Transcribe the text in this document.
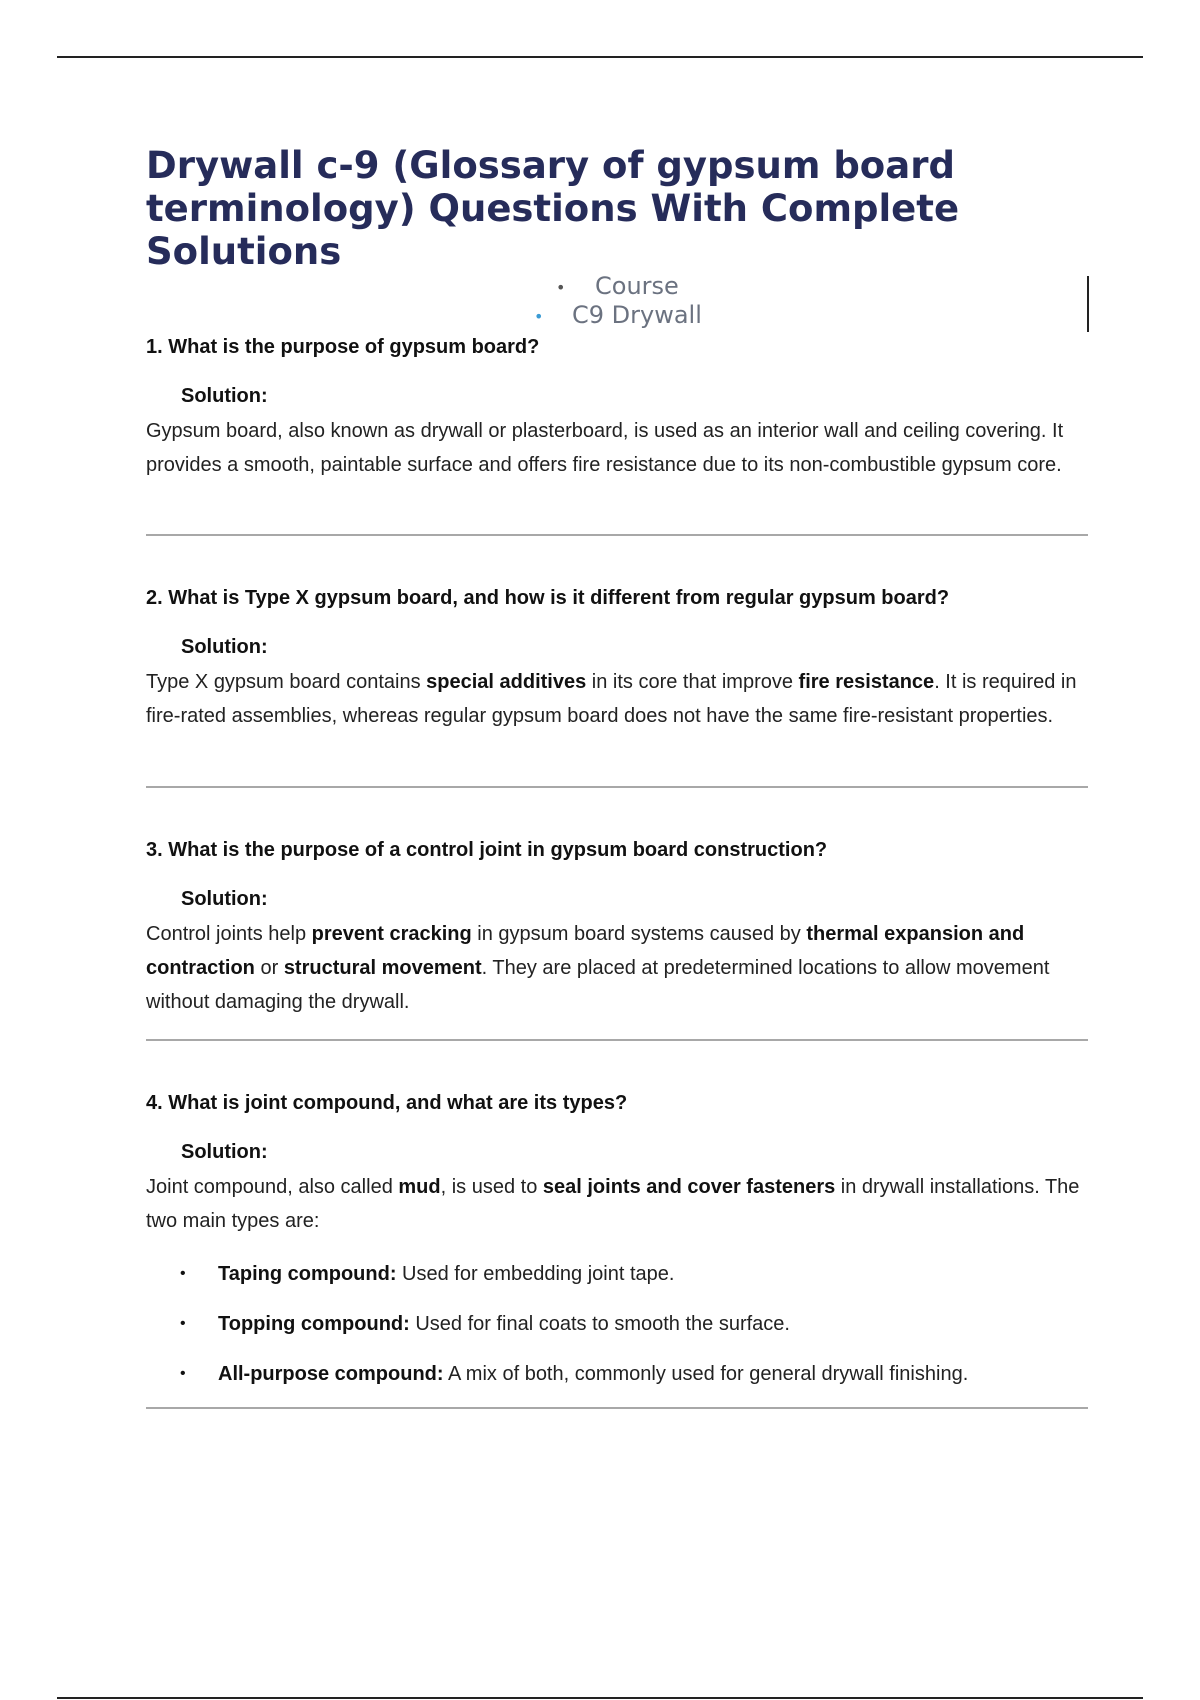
Drywall c-9 (Glossary of gypsum board terminology) Questions With Complete Solutions
• Course
• C9 Drywall

1. What is the purpose of gypsum board?

Solution:

Gypsum board, also known as drywall or plasterboard, is used as an interior wall and ceiling covering. It provides a smooth, paintable surface and offers fire resistance due to its non-combustible gypsum core.

2. What is Type X gypsum board, and how is it different from regular gypsum board?

Solution:

Type X gypsum board contains special additives in its core that improve fire resistance. It is required in fire-rated assemblies, whereas regular gypsum board does not have the same fire-resistant properties.

3. What is the purpose of a control joint in gypsum board construction?

Solution:

Control joints help prevent cracking in gypsum board systems caused by thermal expansion and contraction or structural movement. They are placed at predetermined locations to allow movement without damaging the drywall.

4. What is joint compound, and what are its types?

Solution:

Joint compound, also called mud, is used to seal joints and cover fasteners in drywall installations. The two main types are:

• Taping compound: Used for embedding joint tape.
• Topping compound: Used for final coats to smooth the surface.
• All-purpose compound: A mix of both, commonly used for general drywall finishing.
